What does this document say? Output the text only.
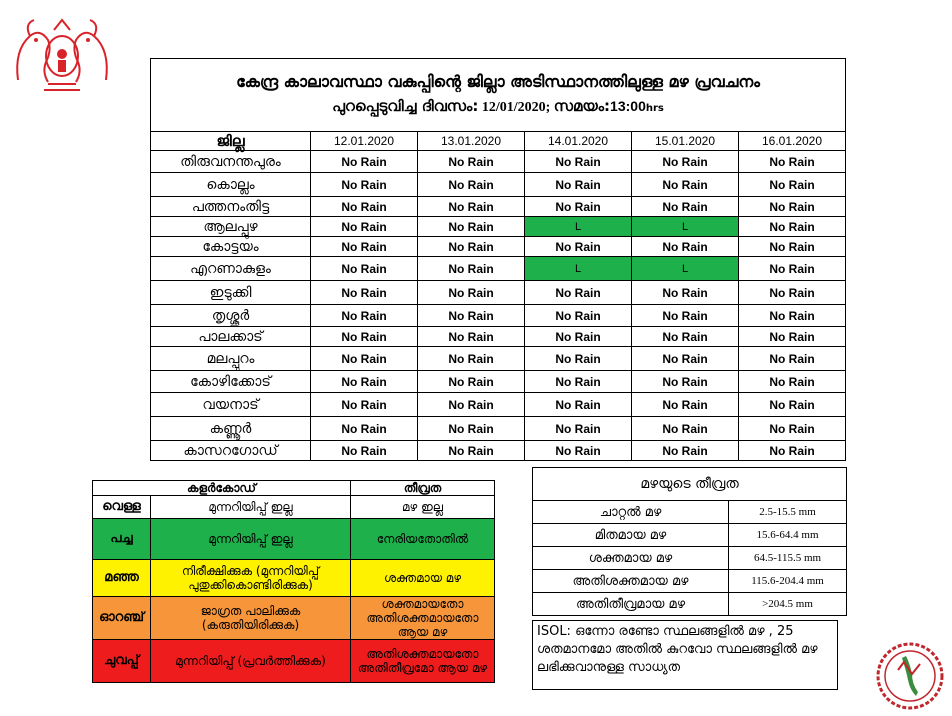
കേന്ദ്ര കാലാവസ്ഥാ വകുപ്പിന്റെ ജില്ലാ അടിസ്ഥാനത്തിലുള്ള മഴ പ്രവചനം
പുറപ്പെടുവിച്ച ദിവസം: 12/01/2020; സമയം:13:00hrs
ജില്ല	12.01.2020	13.01.2020	14.01.2020	15.01.2020	16.01.2020
തിരുവനന്തപുരം	No Rain	No Rain	No Rain	No Rain	No Rain
കൊല്ലം	No Rain	No Rain	No Rain	No Rain	No Rain
പത്തനംതിട്ട	No Rain	No Rain	No Rain	No Rain	No Rain
ആലപ്പുഴ	No Rain	No Rain	L	L	No Rain
കോട്ടയം	No Rain	No Rain	No Rain	No Rain	No Rain
എറണാകുളം	No Rain	No Rain	L	L	No Rain
ഇടുക്കി	No Rain	No Rain	No Rain	No Rain	No Rain
തൃശ്ശൂർ	No Rain	No Rain	No Rain	No Rain	No Rain
പാലക്കാട്	No Rain	No Rain	No Rain	No Rain	No Rain
മലപ്പുറം	No Rain	No Rain	No Rain	No Rain	No Rain
കോഴിക്കോട്	No Rain	No Rain	No Rain	No Rain	No Rain
വയനാട്	No Rain	No Rain	No Rain	No Rain	No Rain
കണ്ണൂർ	No Rain	No Rain	No Rain	No Rain	No Rain
കാസറഗോഡ്	No Rain	No Rain	No Rain	No Rain	No Rain
കളർകോഡ്		തീവ്രത
വെള്ള	മുന്നറിയിപ്പ് ഇല്ല	മഴ ഇല്ല
പച്ച	മുന്നറിയിപ്പ് ഇല്ല	നേരിയതോതിൽ
മഞ്ഞ	നിരീക്ഷിക്കുക (മുന്നറിയിപ്പ് പുതുക്കികൊണ്ടിരിക്കുക)	ശക്തമായ മഴ
ഓറഞ്ച്	ജാഗ്രത പാലിക്കുക (കരുതിയിരിക്കുക)	ശക്തമായതോ അതിശക്തമായതോ ആയ മഴ
ചുവപ്പ്	മുന്നറിയിപ്പ് (പ്രവർത്തിക്കുക)	അതിശക്തമായതോ അതിതീവ്രമോ ആയ മഴ
മഴയുടെ തീവ്രത	
ചാറ്റൽ മഴ	2.5-15.5 mm
മിതമായ മഴ	15.6-64.4 mm
ശക്തമായ മഴ	64.5-115.5 mm
അതിശക്തമായ മഴ	115.6-204.4 mm
അതിതീവ്രമായ മഴ	>204.5 mm
ISOL: ഒന്നോ രണ്ടോ സ്ഥലങ്ങളിൽ മഴ , 25 ശതമാനമോ അതിൽ കുറവോ സ്ഥലങ്ങളിൽ മഴ ലഭിക്കുവാനുള്ള സാധ്യത
